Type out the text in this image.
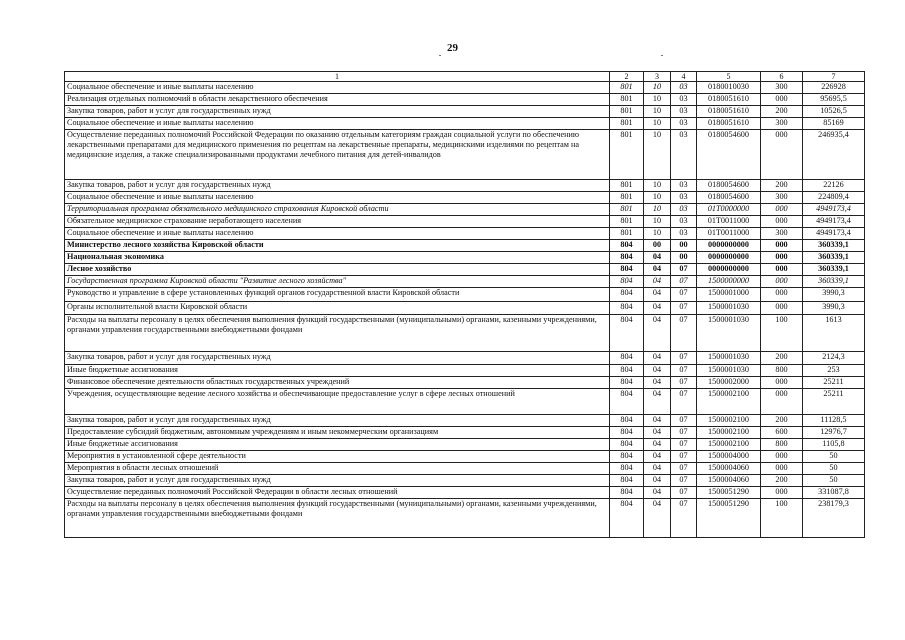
29
1	2	3	4	5	6	7
Социальное обеспечение и иные выплаты населению	801	10	03	0180010030	300	226928
Реализация отдельных полномочий в области лекарственного обеспечения	801	10	03	0180051610	000	95695,5
Закупка товаров, работ и услуг для государственных нужд	801	10	03	0180051610	200	10526,5
Социальное обеспечение и иные выплаты населению	801	10	03	0180051610	300	85169
Осуществление переданных полномочий Российской Федерации по оказанию отдельным категориям граждан социальной услуги по обеспечению лекарственными препаратами для медицинского применения по рецептам на лекарственные препараты, медицинскими изделиями по рецептам на медицинские изделия, а также специализированными продуктами лечебного питания для детей-инвалидов	801	10	03	0180054600	000	246935,4
Закупка товаров, работ и услуг для государственных нужд	801	10	03	0180054600	200	22126
Социальное обеспечение и иные выплаты населению	801	10	03	0180054600	300	224809,4
Территориальная программа обязательного медицинского страхования Кировской области	801	10	03	01Т0000000	000	4949173,4
Обязательное медицинское страхование неработающего населения	801	10	03	01Т0011000	000	4949173,4
Социальное обеспечение и иные выплаты населению	801	10	03	01Т0011000	300	4949173,4
Министерство лесного хозяйства Кировской области	804	00	00	0000000000	000	360339,1
Национальная экономика	804	04	00	0000000000	000	360339,1
Лесное хозяйство	804	04	07	0000000000	000	360339,1
Государственная программа Кировской области "Развитие лесного хозяйства"	804	04	07	1500000000	000	360339,1
Руководство и управление в сфере установленных функций органов государственной власти Кировской области	804	04	07	1500001000	000	3990,3
Органы исполнительной власти Кировской области	804	04	07	1500001030	000	3990,3
Расходы на выплаты персоналу в целях обеспечения выполнения функций государственными (муниципальными) органами, казенными учреждениями, органами управления государственными внебюджетными фондами	804	04	07	1500001030	100	1613
Закупка товаров, работ и услуг для государственных нужд	804	04	07	1500001030	200	2124,3
Иные бюджетные ассигнования	804	04	07	1500001030	800	253
Финансовое обеспечение деятельности областных государственных учреждений	804	04	07	1500002000	000	25211
Учреждения, осуществляющие ведение лесного хозяйства и обеспечивающие предоставление услуг в сфере лесных отношений	804	04	07	1500002100	000	25211
Закупка товаров, работ и услуг для государственных нужд	804	04	07	1500002100	200	11128,5
Предоставление субсидий бюджетным, автономным учреждениям и иным некоммерческим организациям	804	04	07	1500002100	600	12976,7
Иные бюджетные ассигнования	804	04	07	1500002100	800	1105,8
Мероприятия в установленной сфере деятельности	804	04	07	1500004000	000	50
Мероприятия в области лесных отношений	804	04	07	1500004060	000	50
Закупка товаров, работ и услуг для государственных нужд	804	04	07	1500004060	200	50
Осуществление переданных полномочий Российской Федерации в области лесных отношений	804	04	07	1500051290	000	331087,8
Расходы на выплаты персоналу в целях обеспечения выполнения функций государственными (муниципальными) органами, казенными учреждениями, органами управления государственными внебюджетными фондами	804	04	07	1500051290	100	238179,3
